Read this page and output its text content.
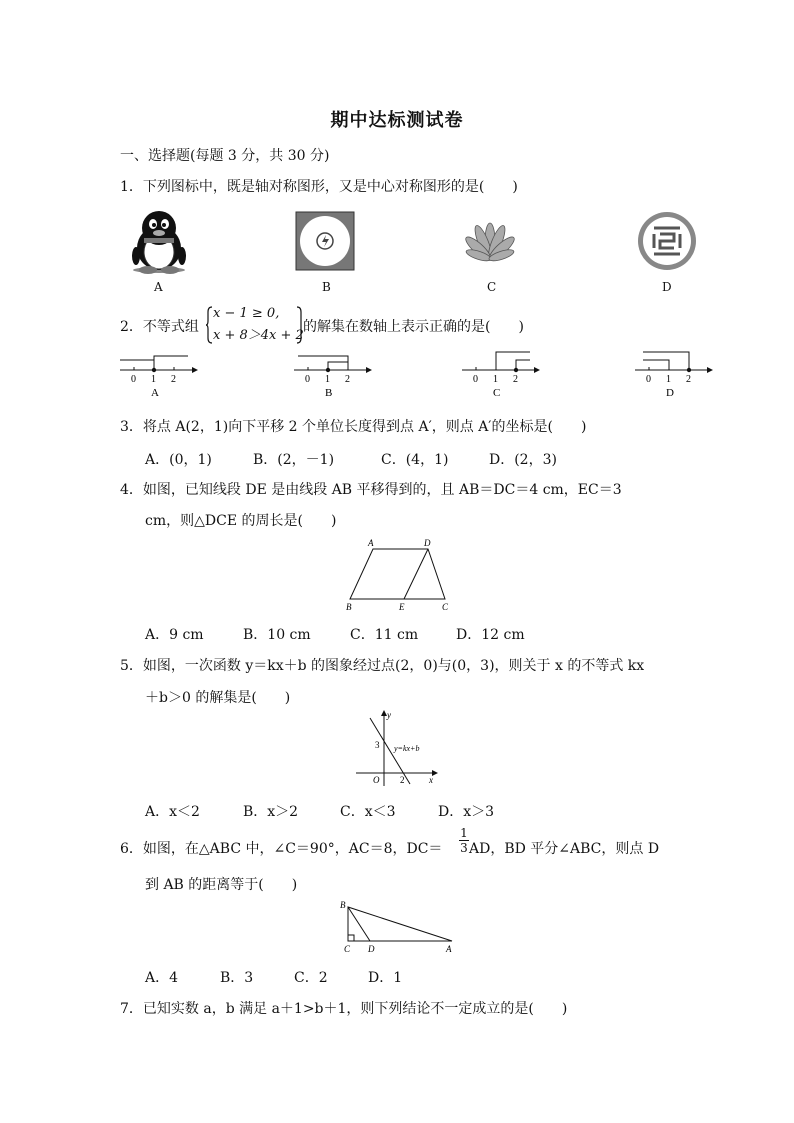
期中达标测试卷
一、选择题(每题 3 分，共 30 分)
1．下列图标中，既是轴对称图形，又是中心对称图形的是(　　)
A	B	C	D
2．不等式组
x − 1 ≥ 0,
x + 8＞4x + 2
的解集在数轴上表示正确的是(　　)
0 1 2
A
0 1 2
B
0 1 2
C
0 1 2
D
3．将点 A(2，1)向下平移 2 个单位长度得到点 A′，则点 A′的坐标是(　　)
A．(0，1)	B．(2，－1)	C．(4，1)	D．(2，3)
4．如图，已知线段 DE 是由线段 AB 平移得到的，且 AB＝DC＝4 cm，EC＝3
cm，则△DCE 的周长是(　　)
A	D
B	E	C
A．9 cm	B．10 cm	C．11 cm	D．12 cm
5．如图，一次函数 y＝kx＋b 的图象经过点(2，0)与(0，3)，则关于 x 的不等式 kx
＋b＞0 的解集是(　　)
y
x
O
3
2
y=kx+b
A．x＜2	B．x＞2	C．x＜3	D．x＞3
6．如图，在△ABC 中，∠C＝90°，AC＝8，$DC= \frac{1}{3}$ AD，BD 平分∠ABC，则点 D
到 AB 的距离等于(　　)
B
C D	A
A．4	B．3	C．2	D．1
7．已知实数 a，b 满足 a＋1>b＋1，则下列结论不一定成立的是(　　)
